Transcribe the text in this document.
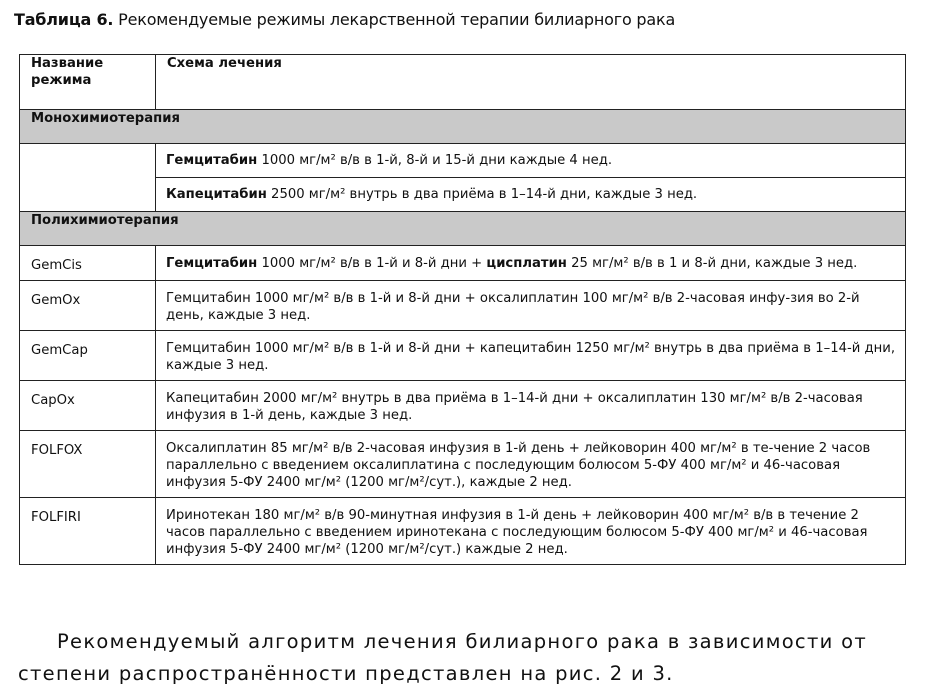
Таблица 6. Рекомендуемые режимы лекарственной терапии билиарного рака
Название режима	Схема лечения
Монохимиотерапия	
	Гемцитабин 1000 мг/м² в/в в 1-й, 8-й и 15-й дни каждые 4 нед.
	Капецитабин 2500 мг/м² внутрь в два приёма в 1–14-й дни, каждые 3 нед.
Полихимиотерапия	
GemCis	Гемцитабин 1000 мг/м² в/в в 1-й и 8-й дни + цисплатин 25 мг/м² в/в в 1 и 8-й дни, каждые 3 нед.
GemOx	Гемцитабин 1000 мг/м² в/в в 1-й и 8-й дни + оксалиплатин 100 мг/м² в/в 2-часовая инфу-зия во 2-й день, каждые 3 нед.
GemCap	Гемцитабин 1000 мг/м² в/в в 1-й и 8-й дни + капецитабин 1250 мг/м² внутрь в два приёма в 1–14-й дни, каждые 3 нед.
CapOx	Капецитабин 2000 мг/м² внутрь в два приёма в 1–14-й дни + оксалиплатин 130 мг/м² в/в 2-часовая инфузия в 1-й день, каждые 3 нед.
FOLFOX	Оксалиплатин 85 мг/м² в/в 2-часовая инфузия в 1-й день + лейковорин 400 мг/м² в те-чение 2 часов параллельно с введением оксалиплатина с последующим болюсом 5-ФУ 400 мг/м² и 46-часовая инфузия 5-ФУ 2400 мг/м² (1200 мг/м²/сут.), каждые 2 нед.
FOLFIRI	Иринотекан 180 мг/м² в/в 90-минутная инфузия в 1-й день + лейковорин 400 мг/м² в/в в течение 2 часов параллельно с введением иринотекана с последующим болюсом 5-ФУ 400 мг/м² и 46-часовая инфузия 5-ФУ 2400 мг/м² (1200 мг/м²/сут.) каждые 2 нед.
Рекомендуемый алгоритм лечения билиарного рака в зависимости от степени распространённости представлен на рис. 2 и 3.
